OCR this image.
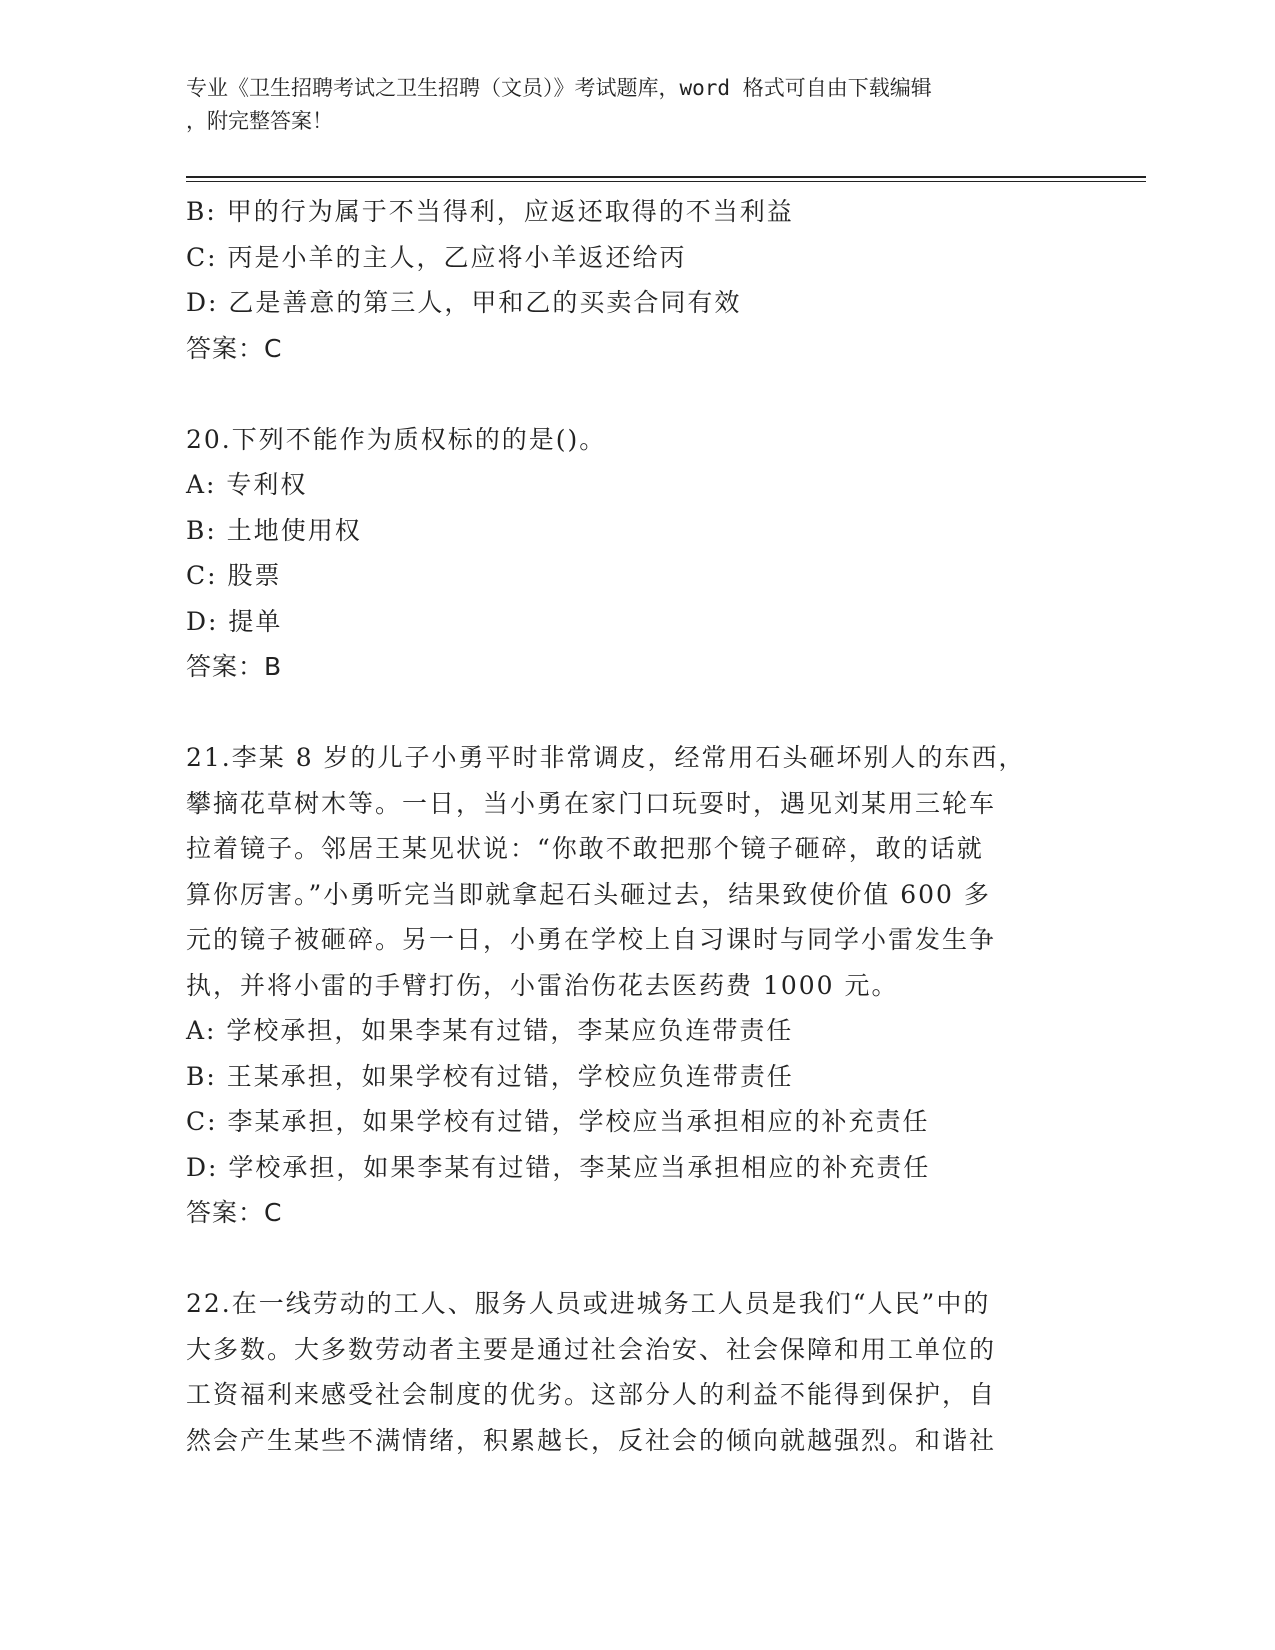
专业《卫生招聘考试之卫生招聘（文员）》考试题库，word 格式可自由下载编辑
，附完整答案！
B: 甲的行为属于不当得利，应返还取得的不当利益
C: 丙是小羊的主人，乙应将小羊返还给丙
D: 乙是善意的第三人，甲和乙的买卖合同有效
答案：C
20.下列不能作为质权标的的是()。
A: 专利权
B: 土地使用权
C: 股票
D: 提单
答案：B
21.李某 8 岁的儿子小勇平时非常调皮，经常用石头砸坏别人的东西，
攀摘花草树木等。一日，当小勇在家门口玩耍时，遇见刘某用三轮车
拉着镜子。邻居王某见状说：“你敢不敢把那个镜子砸碎，敢的话就
算你厉害。”小勇听完当即就拿起石头砸过去，结果致使价值 600 多
元的镜子被砸碎。另一日，小勇在学校上自习课时与同学小雷发生争
执，并将小雷的手臂打伤，小雷治伤花去医药费 1000 元。
A: 学校承担，如果李某有过错，李某应负连带责任
B: 王某承担，如果学校有过错，学校应负连带责任
C: 李某承担，如果学校有过错，学校应当承担相应的补充责任
D: 学校承担，如果李某有过错，李某应当承担相应的补充责任
答案：C
22.在一线劳动的工人、服务人员或进城务工人员是我们“人民”中的
大多数。大多数劳动者主要是通过社会治安、社会保障和用工单位的
工资福利来感受社会制度的优劣。这部分人的利益不能得到保护，自
然会产生某些不满情绪，积累越长，反社会的倾向就越强烈。和谐社
